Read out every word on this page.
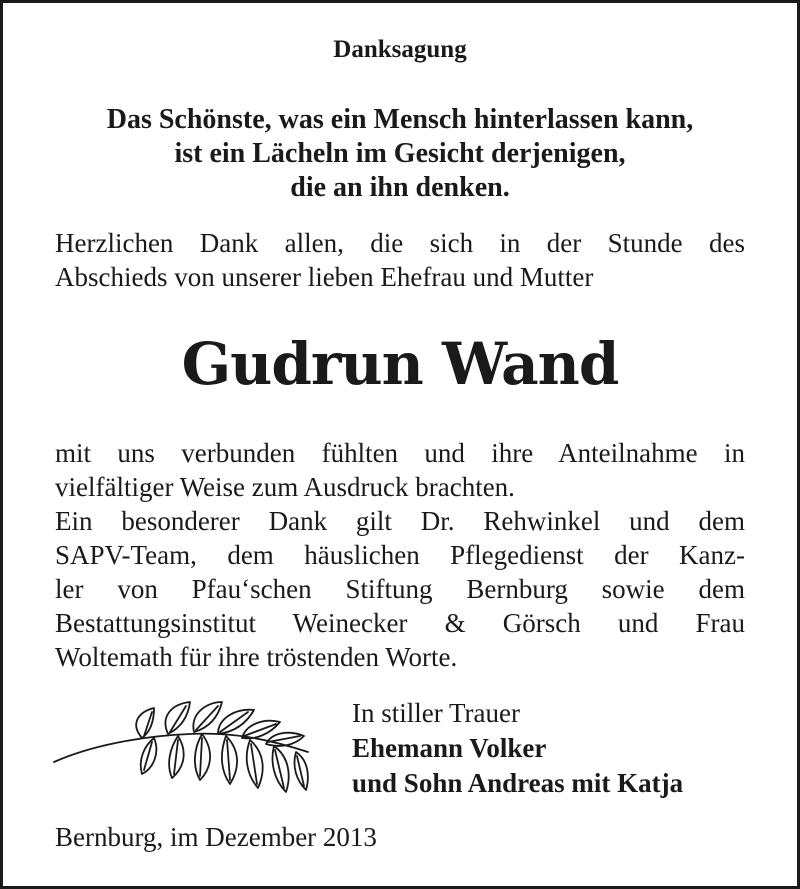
Danksagung
Das Schönste, was ein Mensch hinterlassen kann,
ist ein Lächeln im Gesicht derjenigen,
die an ihn denken.
Herzlichen Dank allen, die sich in der Stunde des
Abschieds von unserer lieben Ehefrau und Mutter
Gudrun Wand
mit uns verbunden fühlten und ihre Anteilnahme in
vielfältiger Weise zum Ausdruck brachten.
Ein besonderer Dank gilt Dr. Rehwinkel und dem
SAPV-Team, dem häuslichen Pflegedienst der Kanz-
ler von Pfau‘schen Stiftung Bernburg sowie dem
Bestattungsinstitut Weinecker & Görsch und Frau
Woltemath für ihre tröstenden Worte.
In stiller Trauer
Ehemann Volker
und Sohn Andreas mit Katja
Bernburg, im Dezember 2013
